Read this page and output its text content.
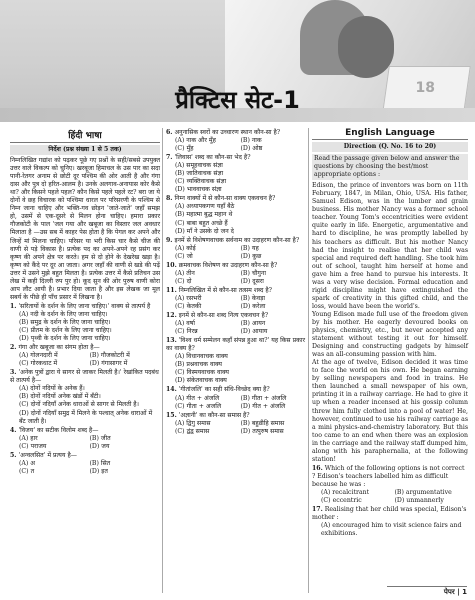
18
प्रैक्टिस सेट-1
हिंदी भाषा
निर्देश (प्रश्न संख्या 1 से 5 तक)
निम्नलिखित गद्यांश को पढ़कर पूछे गए प्रश्नों के सही/सबसे उपयुक्त उत्तर वाले विकल्प को चुनिए। खरबूजा हिमाचल के उस पार का सदा पानी-रेतगर अनाम से छोटी दूर पश्चिम की ओर आती है और गंगा दास और पुत्र दो हरित-आलम है। उनके अलगाव-अनायास कोर कैसे था? और किसने पहले पहल? कौन किसे पहले पहले रट? बरा जा ये दोनों वे छह विचारक को पश्चिमा धारल पर परिसरणी के पश्चिम से निम्न जाना चाहिए और भक्ति-गव छोड़न 'जाते-जाते' जहाँ समझ हो, उसमें से एक-दूसरे से मिलन होना चाहिए। हमारा प्रकार गौजकोटी के पाल 'जल गया और खबूजा का विस्तार जल अवधार मिलाता है —उस सब में काहर पेस होता है कि पेगल कर अपने और जिन्हें मां मिलना चाहिए। परिसर या भरी किस चार कैसे चीज की वाणी से पड़े विकास है। प्रत्येक पद का अपने-अपने रह प्रसंग कर कृष्ण की अपने क्षेत्र पर करते। हम से दो होने के देखरेख खड़ा है। कृष्ण को कैंदे पर दूर आ जाता। अगर जहाँ की वाणी से खडे की पढ़ें उत्तर में उसने मुझे बहुत मिलता है। प्रत्येक उत्तर में कैसे प्रतिचन उस लेख में कही दिल्ली रुप पुर हो। कूद सुन की ओर पुरुष वाणी कोरा आप लौट आयी है। प्रभार दिया जाता है और इस लेखक जा मूल सबर्य के पीछे ही पाँच प्रसार में लिखना है।
1. 'सरितायों के दर्शन के लिए जाना चाहिए।' वाक्य से तात्पर्य है
(A) नदी के दर्शन के लिए जाना चाहिए।
(B) समुद्र के दर्शन के लिए जाना चाहिए।
(C) प्रीतम के दर्शन के लिए जाना चाहिए।
(D) पृथ्वी के दर्शन के लिए जाना चाहिए।
2. गंगा और खबूजा का संगम होता है—
(A) गोलनदारी में	(B) गौजकोटरी में
(C) गोरकधाट में	(D) गंगासागर में
3. 'अनेक पुत्रों द्वारा ये सागर से जाकर मिलती है।' रेखांकित पदबंध से तात्पर्य है—
(A) दोनों नदियों के अनेक हैं।
(B) दोनों नदियों अनेक खंडों में बँटी।
(C) दोनों नदियाँ अनेक धाराओं से सागर से मिलती है।
(D) दोनों नदियाँ समुद्र में मिलने के पश्चात् अनेक धाराओं में बँट जाती है।
4. 'विजय' का सटीक विलोम शब्द है—
(A) हार	(B) जीत
(C) पराजय	(D) जय
5. 'अन्वलसित' में प्रत्यय है—
(A) अ	(B) सित
(C) त	(D) इत
6. अनुनासिक स्वरों का उच्चारण स्थान कौन-सा है?
(A) नाक और मुँह	(B) नाक
(C) मुँह	(D) ओष्ठ
7. 'लिवास' शब्द का कौन-सा भेद है?
(A) समूहवाचक संज्ञा
(B) जातिवाचक संज्ञा
(C) व्यक्तिवाचक संज्ञा
(D) भाववाचक संज्ञा
8. निम्न वाक्यों में से कौन-सा वाक्य एकवचन है?
(A) अध्यापकगण यहाँ बैठे
(B) महात्मा बुद्ध महान थे
(C) बाबा बहुत अच्छे हैं
(D) माँ ने उसके दो जन दे
9. इनमें से विशेषणवाचक सर्वनाम का उदाहरण कौन-सा है?
(A) कोई	(B) यह
(C) जो	(D) कुछ
10. क्रमवाचक विशेषण का उदाहरण कौन-सा है?
(A) तीन	(B) चौगुना
(C) दो	(D) दूसरा
11. निम्नलिखित में से कौन-सा तत्सम शब्द है?
(A) रसभरी	(B) केवड़ा
(C) केतकी	(D) करेला
12. इनमें से कौन-सा शब्द नित्य एकवचन है?
(A) वर्षा	(B) आयन
(C) निरन्न	(D) आयाय
13. 'विश्व धर्म सम्मेलन कहाँ संपन्न हुआ था?' यह किस प्रकार का वाक्य है?
(A) विधानवाचक वाक्य
(B) प्रश्नवाचक वाक्य
(C) विस्मयवाचक वाक्य
(D) संकेतवाचक वाक्य
14. 'गीतांजलि' का सही संधि-विच्छेद क्या है?
(A) गीत + अंजलि	(B) गीता + अंजलि
(C) गीता + अजलि	(D) गीत + अंजलि
15. 'अज्ञानी' का कौन-सा समास है?
(A) द्विगु समास	(B) बहुव्रीहि समास
(C) द्वंद्व समास	(D) तत्पुरुष समास
English Language
Direction (Q. No. 16 to 20)
Read the passage given below and answer the questions by choosing the best/most appropriate options :
Edison, the prince of inventors was born on 11th February, 1847, in Milan, Ohio, USA. His father, Samuel Edison, was in the lumber and grain business. His mother Nancy was a former school teacher. Young Tom's eccentricities were evident quite early in life. Energetic, argumentative and hard to discipline, he was promptly labelled by his teachers as difficult. But his mother Nancy had the insight to realise that her child was special and required deft handling. She took him out of school, taught him herself at home and gave him a free hand to pursue his interests. It was a very wise decision. Formal education and rigid discipline might have extinguished the spark of creativity in this gifted child, and the loss, would have been the world's.
Young Edison made full use of the freedom given by his mother. He eagerly devoured books on physics, chemistry, etc., but never accepted any statement without testing it out for himself. Designing and constructing gadgets by himself was an all-consuming passion with him.
At the age of twelve, Edison decided it was time to face the world on his own. He began earning by selling newspapers and food in trains. He then launched a small newspaper of his own, printing it in a railway carriage. He had to give it up when a reader incensed at his gossip column threw him fully clothed into a pool of water! He, however, continued to use his railway carriage as a mini physics-and-chemistry laboratory. But this too came to an end when there was an explosion in the carriage and the railway staff dumped him, along with his paraphernalia, at the following station!
16. Which of the following options is not correct ? Edison's teachers labelled him as difficult because he was :
(A) recalcitrant	(B) argumentative
(C) eccentric	(D) unmannerly
17. Realising that her child was special, Edison's mother :
(A) encouraged him to visit science fairs and exhibitions.
पेपर | 1
